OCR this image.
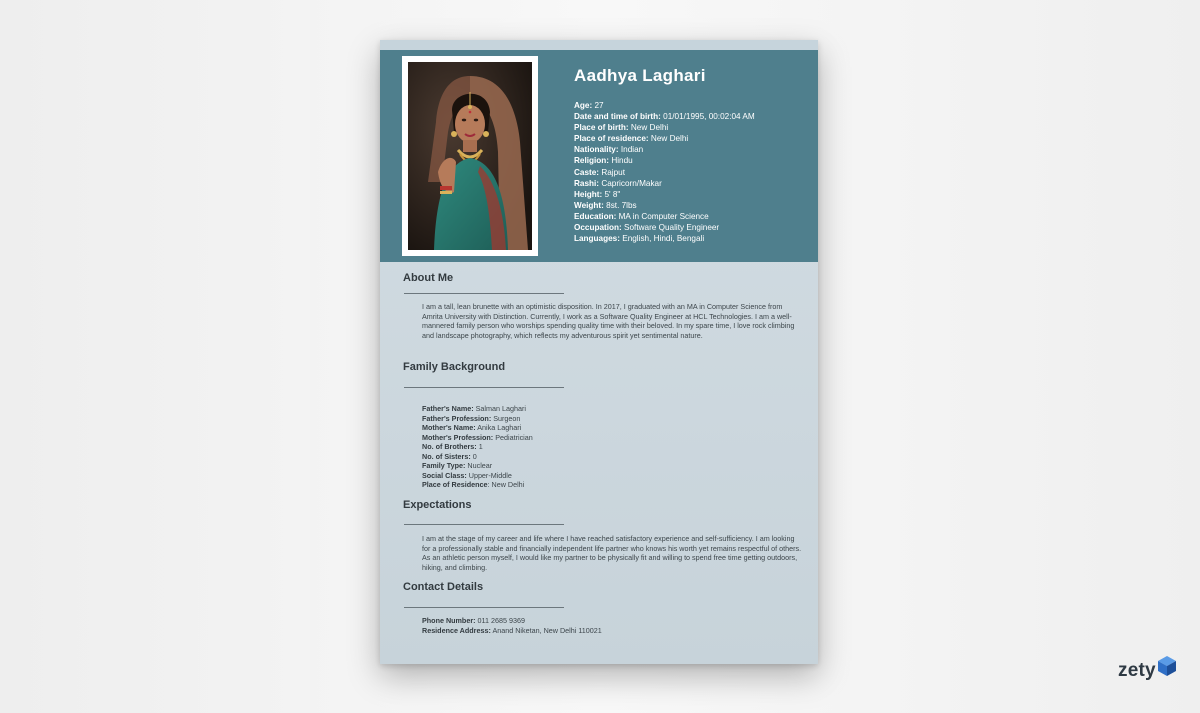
Aadhya Laghari
Age: 27
Date and time of birth: 01/01/1995, 00:02:04 AM
Place of birth: New Delhi
Place of residence: New Delhi
Nationality: Indian
Religion: Hindu
Caste: Rajput
Rashi: Capricorn/Makar
Height: 5' 8"
Weight: 8st. 7lbs
Education: MA in Computer Science
Occupation: Software Quality Engineer
Languages: English, Hindi, Bengali
About Me

I am a tall, lean brunette with an optimistic disposition. In 2017, I graduated with an MA in Computer Science from Amrita University with Distinction. Currently, I work as a Software Quality Engineer at HCL Technologies. I am a well-mannered family person who worships spending quality time with their beloved. In my spare time, I love rock climbing and landscape photography, which reflects my adventurous spirit yet sentimental nature.

Family Background
Father's Name: Salman Laghari
Father's Profession: Surgeon
Mother's Name: Anika Laghari
Mother's Profession: Pediatrician
No. of Brothers: 1
No. of Sisters: 0
Family Type: Nuclear
Social Class: Upper-Middle
Place of Residence: New Delhi
Expectations

I am at the stage of my career and life where I have reached satisfactory experience and self-sufficiency. I am looking for a professionally stable and financially independent life partner who knows his worth yet remains respectful of others. As an athletic person myself, I would like my partner to be physically fit and willing to spend free time getting outdoors, hiking, and climbing.

Contact Details
Phone Number: 011 2685 9369
Residence Address: Anand Niketan, New Delhi 110021
zety
